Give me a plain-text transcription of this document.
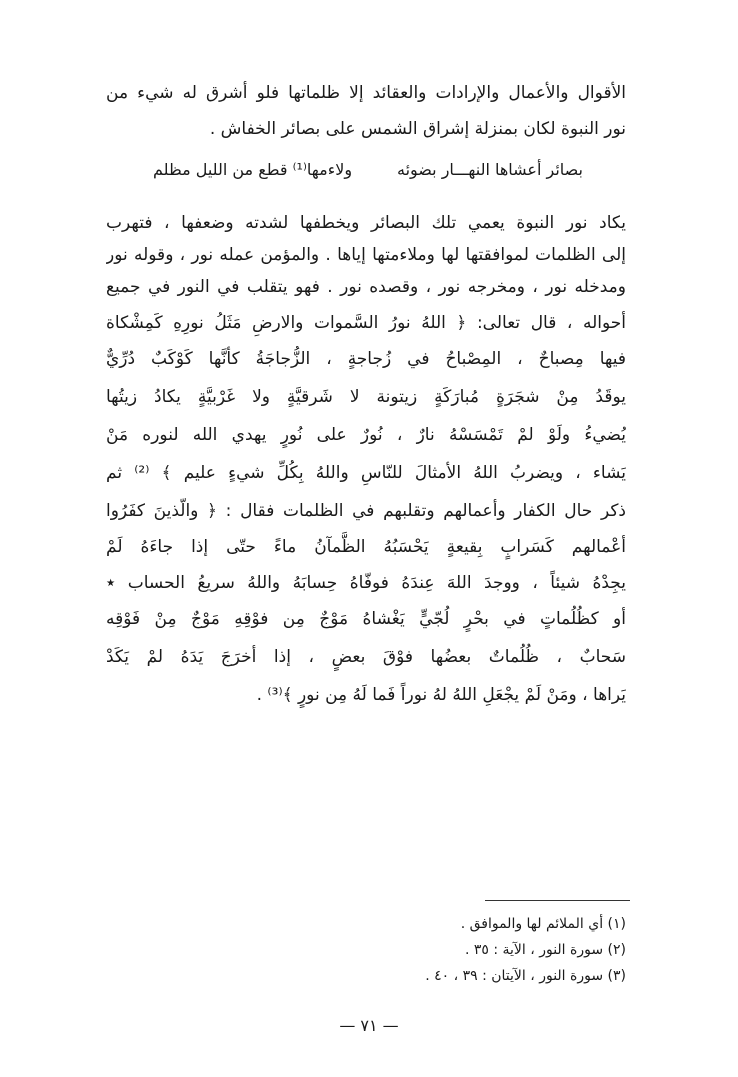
الأقوال والأعمال والإرادات والعقائد إلا ظلماتها فلو أشرق له شيء من
نور النبوة لكان بمنزلة إشراق الشمس على بصائر الخفاش .
بصائر أعشاها النهـــار بضوئه
ولاءمها⁽¹⁾ قطع من الليل مظلم
يكاد نور النبوة يعمي تلك البصائر ويخطفها لشدته وضعفها ، فتهرب
إلى الظلمات لموافقتها لها وملاءمتها إياها . والمؤمن عمله نور ، وقوله نور
ومدخله نور ، ومخرجه نور ، وقصده نور . فهو يتقلب في النور في جميع
أحواله ، قال تعالى: ﴿ اللهُ نورُ السَّموات والارضِ مَثَلُ نورِهِ كَمِشْكاة
فيها مِصباحٌ ، المِصْباحُ في زُجاجةٍ ، الزُّجاجَةُ كأنَّها كَوْكَبٌ دُرِّيٌّ
يوقَدُ مِنْ شجَرَةٍ مُبارَكَةٍ زيتونة لا شَرقيَّةٍ ولا غَرْبيَّةٍ يكادُ زيتُها
يُضيءُ ولَوْ لمْ تَمْسَسْهُ نارٌ ، نُورٌ على نُورٍ يهدي الله لنوره مَنْ
يَشاء ، ويضربُ اللهُ الأمثالَ للنّاسِ واللهُ بِكُلِّ شيءٍ عليم ﴾ ⁽²⁾ ثم
ذكر حال الكفار وأعمالهم وتقلبهم في الظلمات فقال : ﴿ والّذينَ كفَرُوا
أعْمالهم كَسَرابٍ بِقيعةٍ يَحْسَبُهُ الظَّمآنُ ماءً حتّى إذا جاءَهُ لَمْ
يجِدْهُ شيئاً ، ووجدَ اللهَ عِندَهُ فوفّاهُ حِسابَهُ واللهُ سريعُ الحساب ٭
أو كظُلُماتٍ في بحْرٍ لُجّيٍّ يَغْشاهُ مَوْجٌ مِن فوْقِهِ مَوْجٌ مِنْ فَوْقِه
سَحابٌ ، ظُلُماتٌ بعضُها فوْقَ بعضٍ ، إذا أخرَجَ يَدَهُ لمْ يَكَدْ
يَراها ، ومَنْ لَمْ يجْعَلِ اللهُ لهُ نوراً فَما لَهُ مِن نورٍ ﴾⁽³⁾ .
(١) أي الملائم لها والموافق .
(٢) سورة النور ، الآية : ٣٥ .
(٣) سورة النور ، الآيتان : ٣٩ ، ٤٠ .
— ٧١ —
